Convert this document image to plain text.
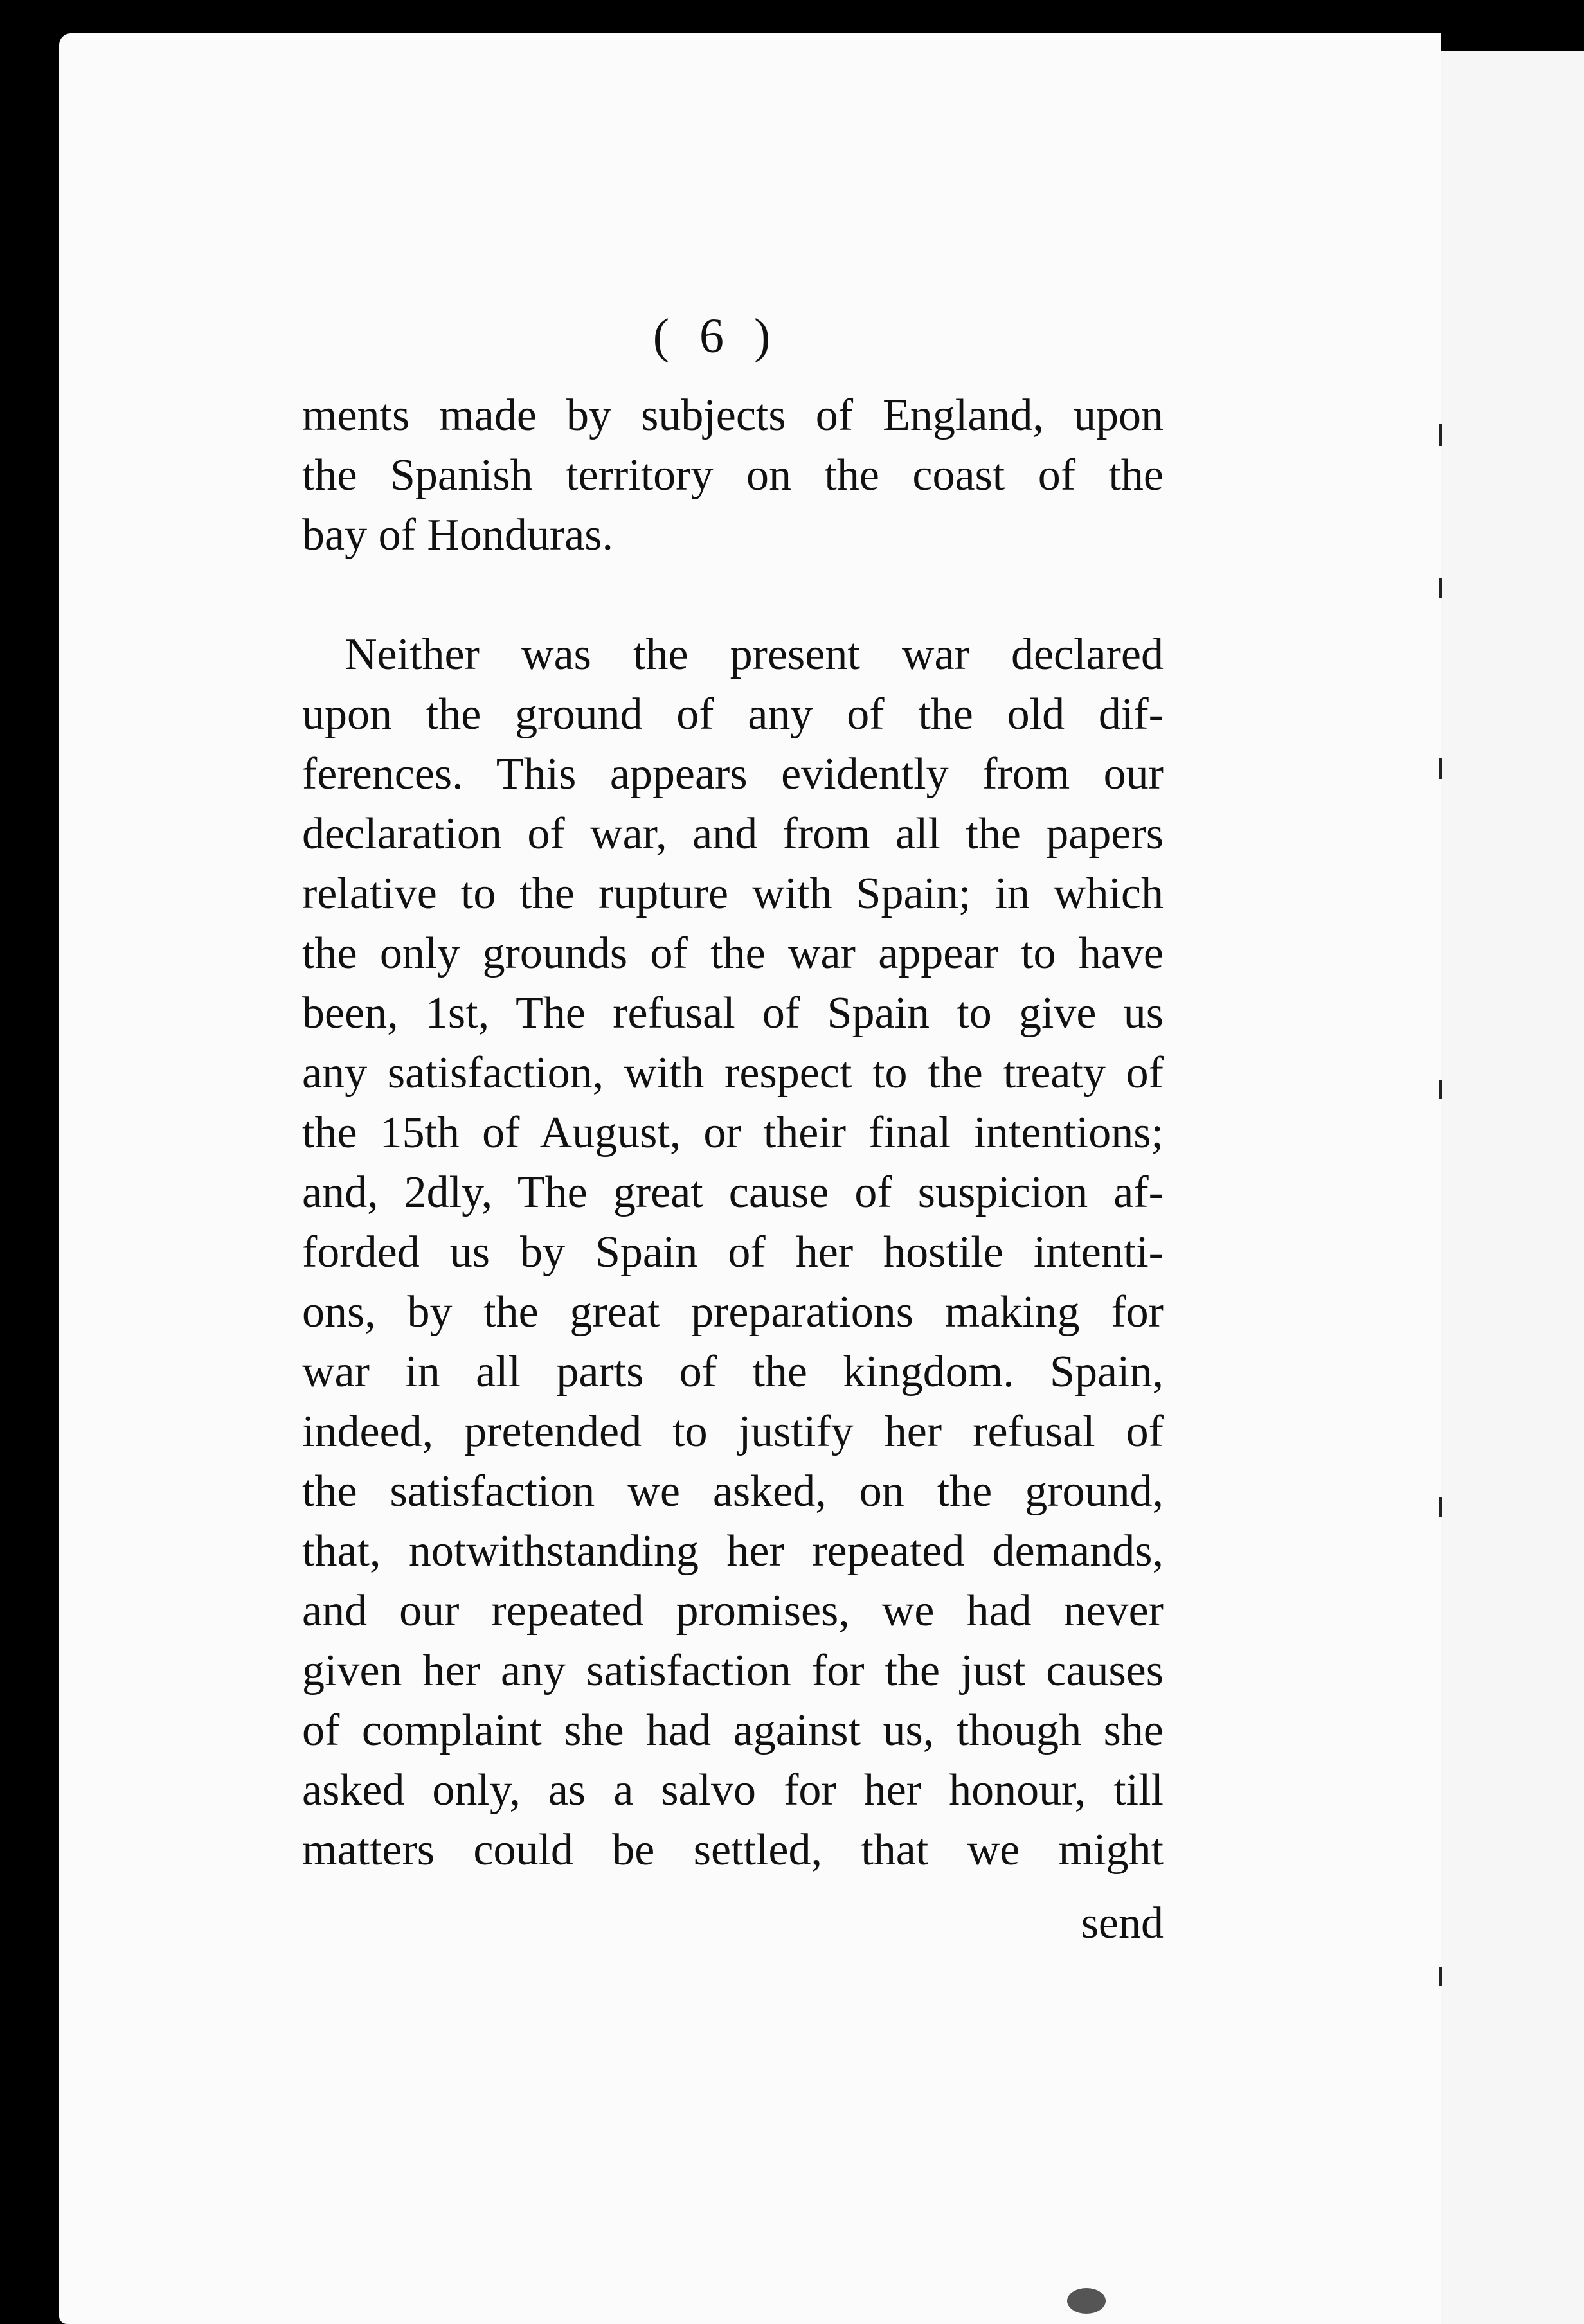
( 6 )
ments made by subjects of England, upon
the Spanish territory on the coast of the
bay of Honduras.
Neither was the present war declared
upon the ground of any of the old dif-
ferences. This appears evidently from our
declaration of war, and from all the papers
relative to the rupture with Spain; in which
the only grounds of the war appear to have
been, 1st, The refusal of Spain to give us
any satisfaction, with respect to the treaty of
the 15th of August, or their final intentions;
and, 2dly, The great cause of suspicion af-
forded us by Spain of her hostile intenti-
ons, by the great preparations making for
war in all parts of the kingdom. Spain,
indeed, pretended to justify her refusal of
the satisfaction we asked, on the ground,
that, notwithstanding her repeated demands,
and our repeated promises, we had never
given her any satisfaction for the just causes
of complaint she had against us, though she
asked only, as a salvo for her honour, till
matters could be settled, that we might
send
